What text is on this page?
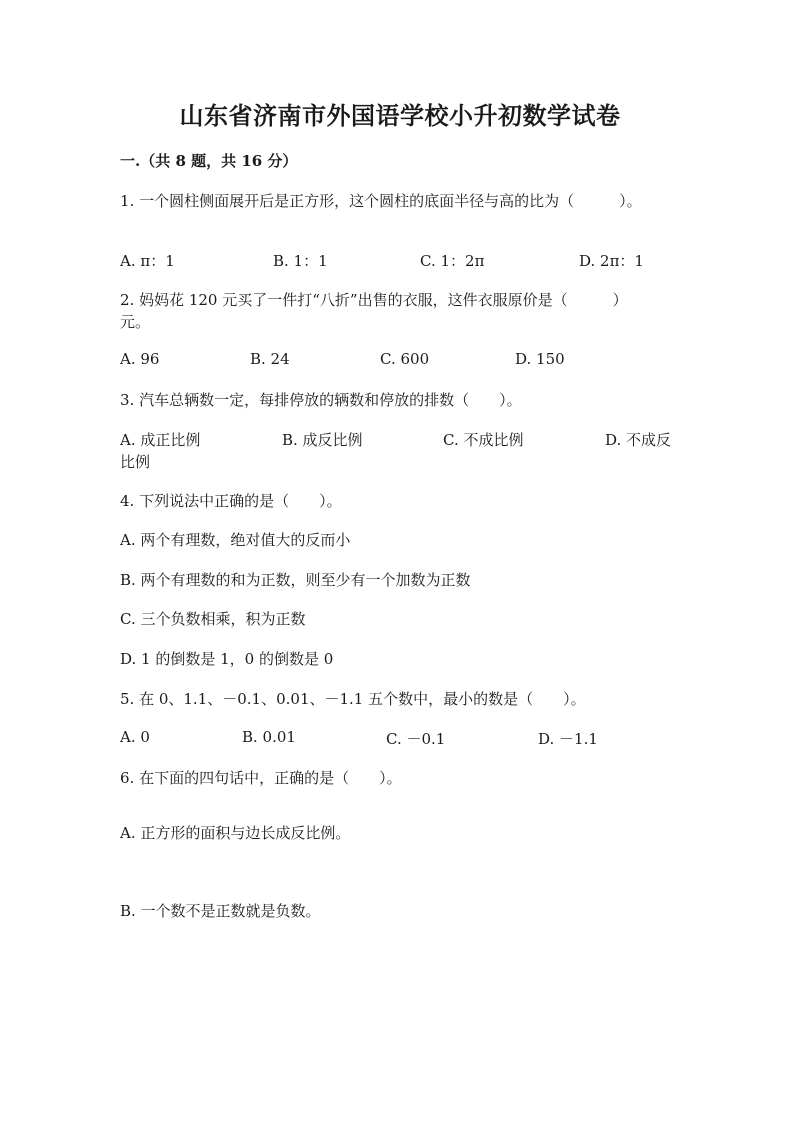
山东省济南市外国语学校小升初数学试卷
一.（共 8 题，共 16 分）
1. 一个圆柱侧面展开后是正方形，这个圆柱的底面半径与高的比为（　　　）。
A. π：1	B. 1：1	C. 1：2π	D. 2π：1
2. 妈妈花 120 元买了一件打“八折”出售的衣服，这件衣服原价是（　　　）
元。
A. 96	B. 24	C. 600	D. 150
3. 汽车总辆数一定，每排停放的辆数和停放的排数（　　）。
A. 成正比例	B. 成反比例	C. 不成比例	D. 不成反
比例
4. 下列说法中正确的是（　　）。
A. 两个有理数，绝对值大的反而小
B. 两个有理数的和为正数，则至少有一个加数为正数
C. 三个负数相乘，积为正数
D. 1 的倒数是 1，0 的倒数是 0
5. 在 0、1.1、－0.1、0.01、－1.1 五个数中，最小的数是（　　）。
A. 0	B. 0.01	C. －0.1	D. －1.1
6. 在下面的四句话中，正确的是（　　）。
A. 正方形的面积与边长成反比例。
B. 一个数不是正数就是负数。
